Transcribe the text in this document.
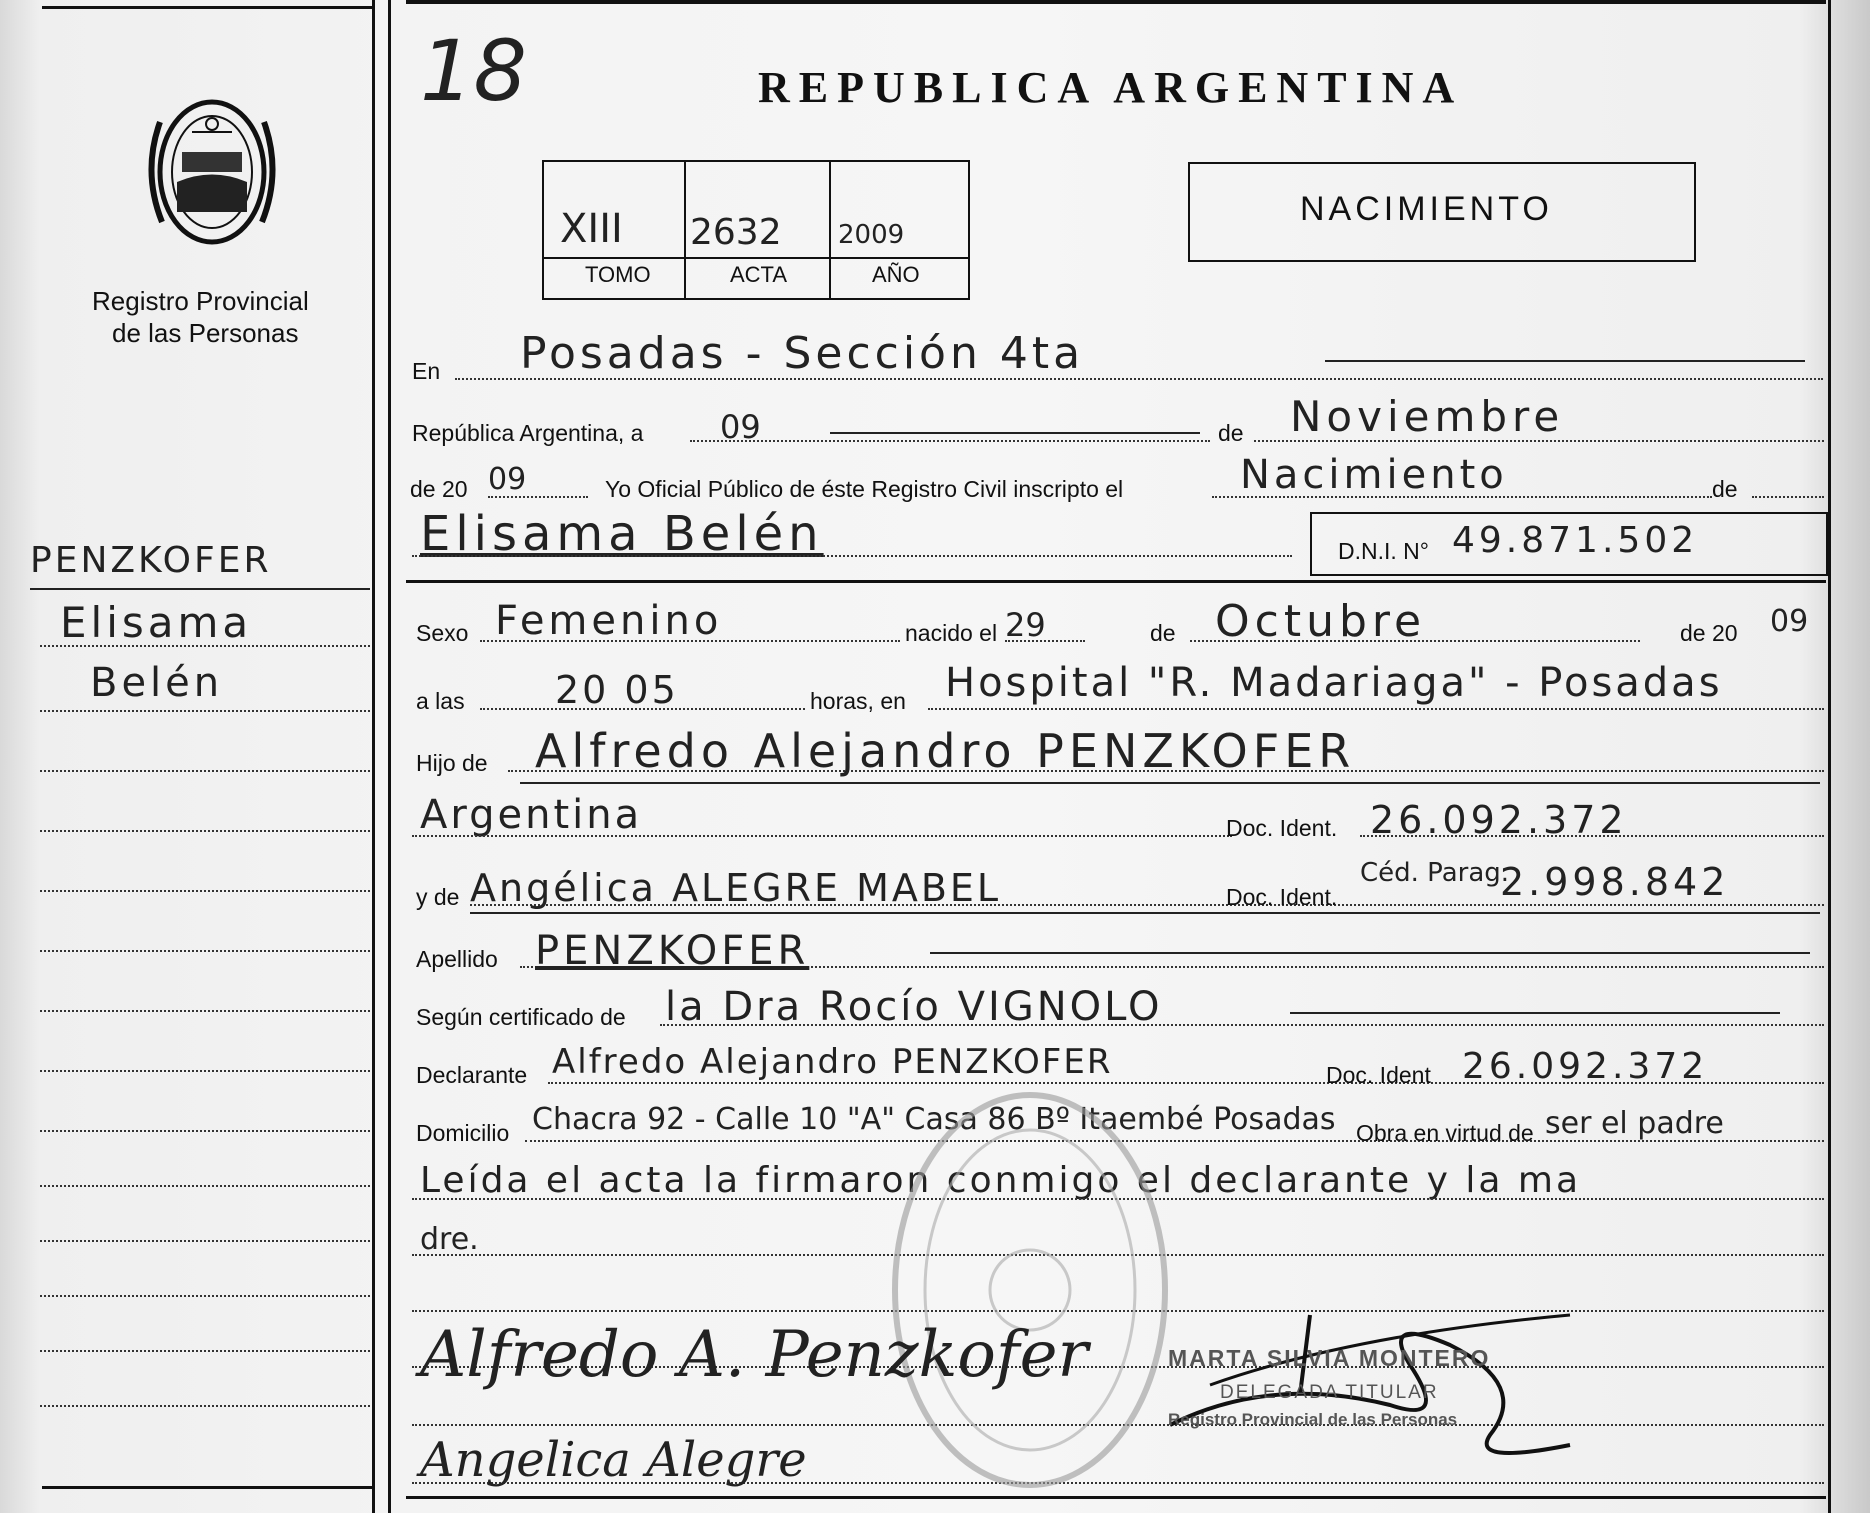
Registro Provincial
de las Personas
PENZKOFER
Elisama
Belén
18	REPUBLICA ARGENTINA
XIII 2632 2009
TOMO	ACTA	AÑO
NACIMIENTO
En Posadas - Sección 4ta
República Argentina, a 09	de Noviembre
de 20 09	Yo Oficial Público de éste Registro Civil inscripto el	Nacimiento	de
Elisama Belén	D.N.I. N° 49.871.502
Sexo Femenino	nacido el 29	de Octubre	de 20 09
a las 20 05	horas, en Hospital "R. Madariaga" - Posadas
Hijo de Alfredo Alejandro PENZKOFER
Argentina	Doc. Ident. 26.092.372
y de Angélica ALEGRE MABEL	Doc. Ident.
Céd. Parag.
2.998.842
Apellido PENZKOFER
Según certificado de la Dra Rocío VIGNOLO
Declarante Alfredo Alejandro PENZKOFER	Doc. Ident 26.092.372
Domicilio Chacra 92 - Calle 10 "A" Casa 86 Bº Itaembé Posadas Obra en virtud de ser el padre
Leída el acta la firmaron conmigo el declarante y la ma
dre.
Alfredo A. Penzkofer
Angelica Alegre
MARTA SILVIA MONTERO
DELEGADA TITULAR
Registro Provincial de las Personas
